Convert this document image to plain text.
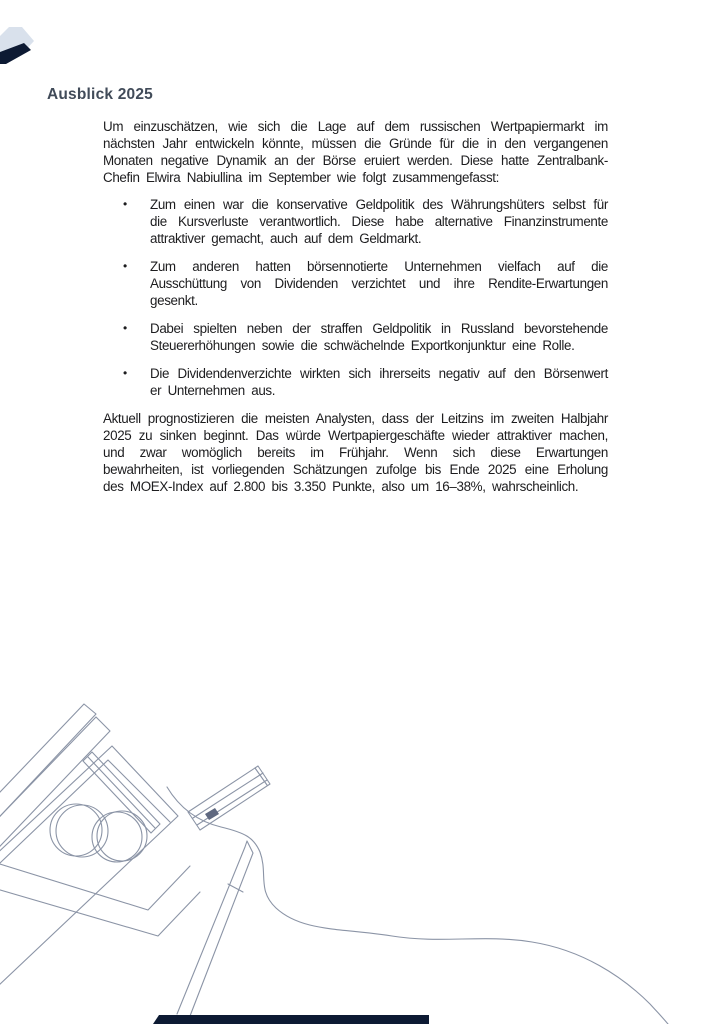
Ausblick 2025

Um einzuschätzen, wie sich die Lage auf dem russischen Wertpapiermarkt im nächsten Jahr entwickeln könnte, müssen die Gründe für die in den vergangenen Monaten negative Dynamik an der Börse eruiert werden. Diese hatte Zentralbank-Chefin Elwira Nabiullina im September wie folgt zusammengefasst:

•	Zum einen war die konservative Geldpolitik des Währungshüters selbst für die Kursverluste verantwortlich. Diese habe alternative Finanzinstrumente attraktiver gemacht, auch auf dem Geldmarkt.
•	Zum anderen hatten börsennotierte Unternehmen vielfach auf die Ausschüttung von Dividenden verzichtet und ihre Rendite-Erwartungen gesenkt.
•	Dabei spielten neben der straffen Geldpolitik in Russland bevorstehende Steuererhöhungen sowie die schwächelnde Exportkonjunktur eine Rolle.
•	Die Dividendenverzichte wirkten sich ihrerseits negativ auf den Börsenwert er Unternehmen aus.

Aktuell prognostizieren die meisten Analysten, dass der Leitzins im zweiten Halbjahr 2025 zu sinken beginnt. Das würde Wertpapiergeschäfte wieder attraktiver machen, und zwar womöglich bereits im Frühjahr. Wenn sich diese Erwartungen bewahrheiten, ist vorliegenden Schätzungen zufolge bis Ende 2025 eine Erholung des MOEX-Index auf 2.800 bis 3.350 Punkte, also um 16–38%, wahrscheinlich.
